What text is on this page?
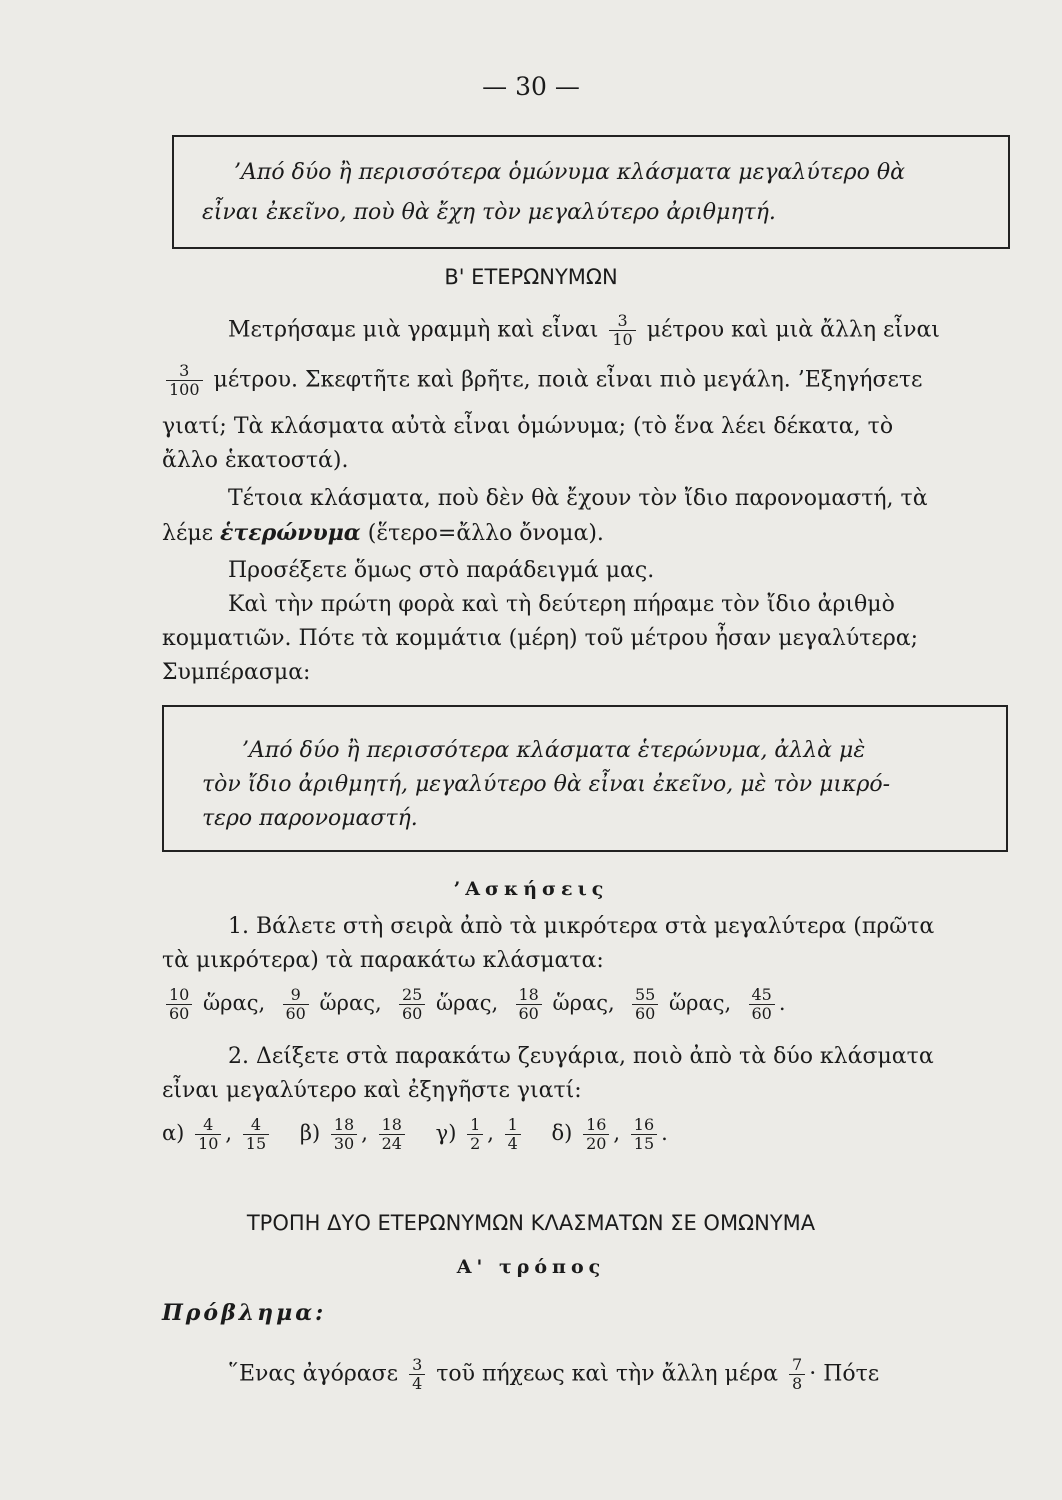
— 30 —
’Από δύο ἢ περισσότερα ὁμώνυμα κλάσματα μεγαλύτερο θὰ
εἶναι ἐκεῖνο, ποὺ θὰ ἔχη τὸν μεγαλύτερο ἀριθμητή.
Β' ΕΤΕΡΩΝΥΜΩΝ
Μετρήσαμε μιὰ γραμμὴ καὶ εἶναι $\frac{3}{10}$ μέτρου καὶ μιὰ ἄλλη εἶναι
$\frac{3}{100} \mu έ\tau\rho o\upsilon$. Σκεφτῆτε καὶ βρῆτε, ποιὰ εἶναι πιὸ μεγάλη. ’Εξηγήσετε
γιατί; Τὰ κλάσματα αὐτὰ εἶναι ὁμώνυμα; (τὸ ἕνα λέει δέκατα, τὸ
ἄλλο ἑκατοστά).
Τέτοια κλάσματα, ποὺ δὲν θὰ ἔχουν τὸν ἴδιο παρονομαστή, τὰ
λέμε ἑτερώνυμα (ἕτερο=ἄλλο ὄνομα).
Προσέξετε ὅμως στὸ παράδειγμά μας.
Καὶ τὴν πρώτη φορὰ καὶ τὴ δεύτερη πήραμε τὸν ἴδιο ἀριθμὸ
κομματιῶν. Πότε τὰ κομμάτια (μέρη) τοῦ μέτρου ἦσαν μεγαλύτερα;
Συμπέρασμα:
’Από δύο ἢ περισσότερα κλάσματα ἑτερώνυμα, ἀλλὰ μὲ
τὸν ἴδιο ἀριθμητή, μεγαλύτερο θὰ εἶναι ἐκεῖνο, μὲ τὸν μικρό-
τερο παρονομαστή.
’Ασκήσεις
1. Βάλετε στὴ σειρὰ ἀπὸ τὰ μικρότερα στὰ μεγαλύτερα (πρῶτα
τὰ μικρότερα) τὰ παρακάτω κλάσματα:
$\frac{10}{60}$ ὥρας, $\frac{9}{60}$ ὥρας, $\frac{25}{60}$ ὥρας, $\frac{18}{60}$ ὥρας, $\frac{55}{60}$ ὥρας, $\frac{45}{60}$ .
2. Δείξετε στὰ παρακάτω ζευγάρια, ποιὸ ἀπὸ τὰ δύο κλάσματα
εἶναι μεγαλύτερο καὶ ἐξηγῆστε γιατί:
$\alpha) \frac{4}{10}$ , $\frac{4}{15} \beta) \frac{18}{30}$ , $\frac{18}{24} \gamma) \frac{1}{2}$ , $\frac{1}{4} \delta) \frac{16}{20}$ , $\frac{16}{15}$ .
ΤΡΟΠΗ ΔΥΟ ΕΤΕΡΩΝΥΜΩΝ ΚΛΑΣΜΑΤΩΝ ΣΕ ΟΜΩΝΥΜΑ
Α' τρόπος
Πρόβλημα:
῞Ενας ἀγόρασε $\frac{3}{4}$ τοῦ πήχεως καὶ τὴν ἄλλη μέρα $\frac{7}{8} \cdot \Pi ό\tau\varepsilon$
